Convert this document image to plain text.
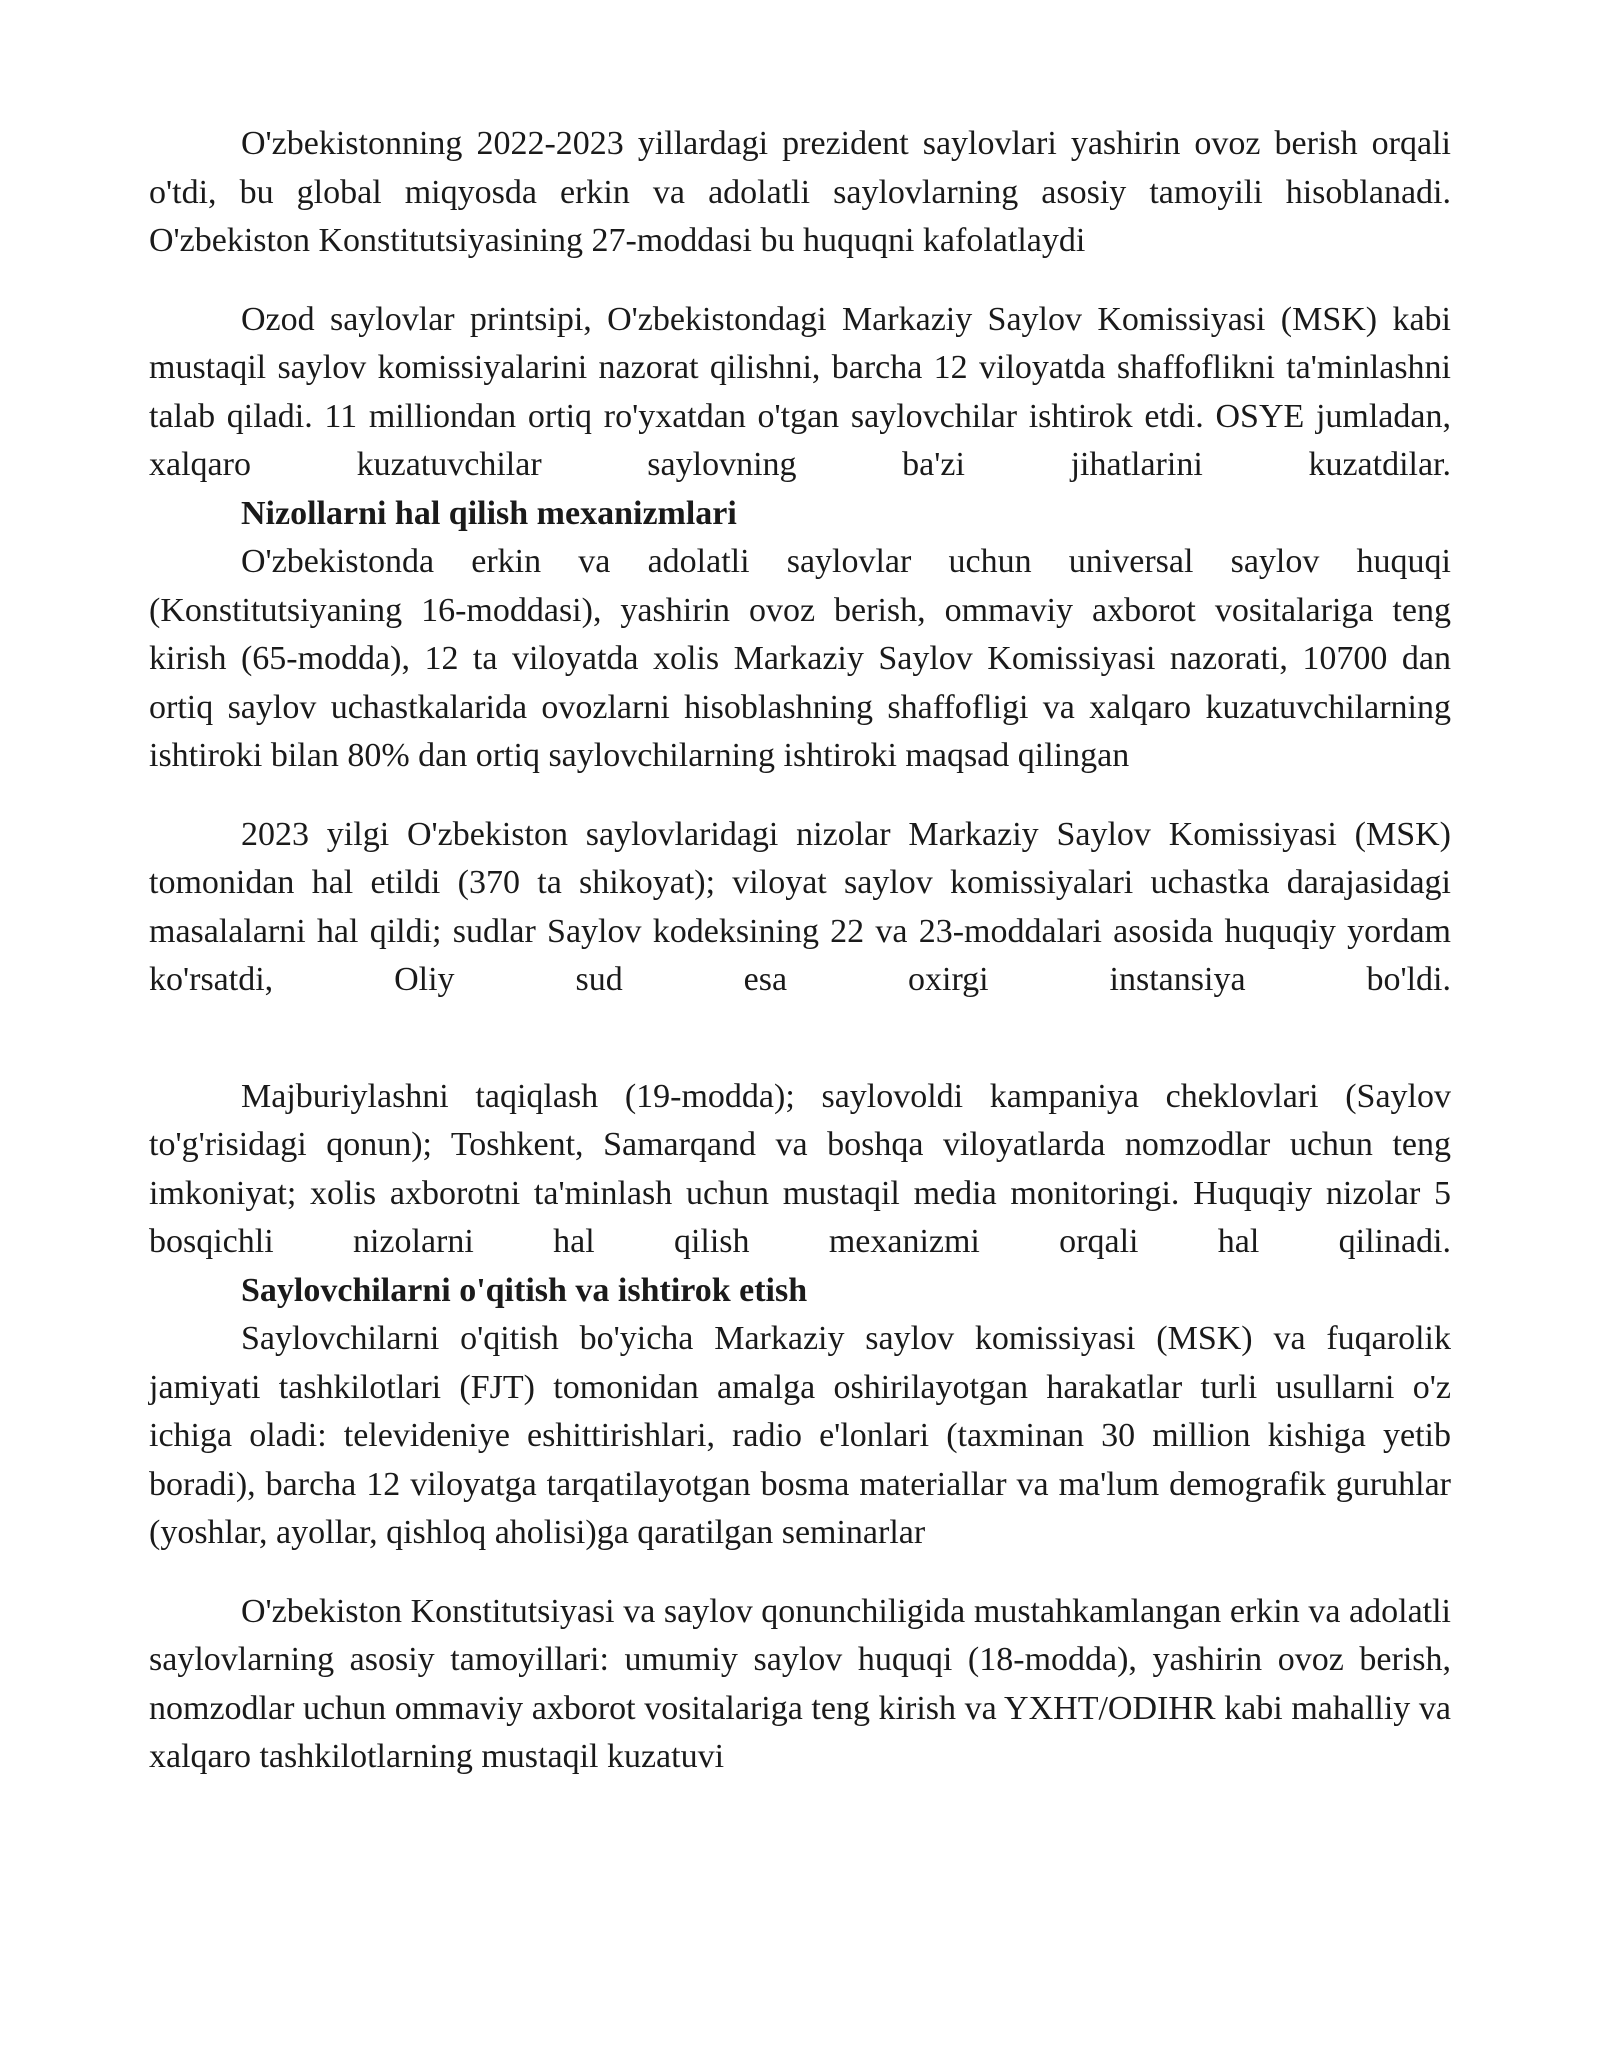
O'zbekistonning 2022-2023 yillardagi prezident saylovlari yashirin ovoz berish orqali o'tdi, bu global miqyosda erkin va adolatli saylovlarning asosiy tamoyili hisoblanadi. O'zbekiston Konstitutsiyasining 27-moddasi bu huquqni kafolatlaydi

Ozod saylovlar printsipi, O'zbekistondagi Markaziy Saylov Komissiyasi (MSK) kabi mustaqil saylov komissiyalarini nazorat qilishni, barcha 12 viloyatda shaffoflikni ta'minlashni talab qiladi. 11 milliondan ortiq ro'yxatdan o'tgan saylovchilar ishtirok etdi. OSYE jumladan, xalqaro kuzatuvchilar saylovning ba'zi jihatlarini kuzatdilar.

Nizollarni hal qilish mexanizmlari

O'zbekistonda erkin va adolatli saylovlar uchun universal saylov huquqi (Konstitutsiyaning 16-moddasi), yashirin ovoz berish, ommaviy axborot vositalariga teng kirish (65-modda), 12 ta viloyatda xolis Markaziy Saylov Komissiyasi nazorati, 10700 dan ortiq saylov uchastkalarida ovozlarni hisoblashning shaffofligi va xalqaro kuzatuvchilarning ishtiroki bilan 80% dan ortiq saylovchilarning ishtiroki maqsad qilingan

2023 yilgi O'zbekiston saylovlaridagi nizolar Markaziy Saylov Komissiyasi (MSK) tomonidan hal etildi (370 ta shikoyat); viloyat saylov komissiyalari uchastka darajasidagi masalalarni hal qildi; sudlar Saylov kodeksining 22 va 23-moddalari asosida huquqiy yordam ko'rsatdi, Oliy sud esa oxirgi instansiya bo'ldi.

Majburiylashni taqiqlash (19-modda); saylovoldi kampaniya cheklovlari (Saylov to'g'risidagi qonun); Toshkent, Samarqand va boshqa viloyatlarda nomzodlar uchun teng imkoniyat; xolis axborotni ta'minlash uchun mustaqil media monitoringi. Huquqiy nizolar 5 bosqichli nizolarni hal qilish mexanizmi orqali hal qilinadi.

Saylovchilarni o'qitish va ishtirok etish

Saylovchilarni o'qitish bo'yicha Markaziy saylov komissiyasi (MSK) va fuqarolik jamiyati tashkilotlari (FJT) tomonidan amalga oshirilayotgan harakatlar turli usullarni o'z ichiga oladi: televideniye eshittirishlari, radio e'lonlari (taxminan 30 million kishiga yetib boradi), barcha 12 viloyatga tarqatilayotgan bosma materiallar va ma'lum demografik guruhlar (yoshlar, ayollar, qishloq aholisi)ga qaratilgan seminarlar

O'zbekiston Konstitutsiyasi va saylov qonunchiligida mustahkamlangan erkin va adolatli saylovlarning asosiy tamoyillari: umumiy saylov huquqi (18-modda), yashirin ovoz berish, nomzodlar uchun ommaviy axborot vositalariga teng kirish va YXHT/ODIHR kabi mahalliy va xalqaro tashkilotlarning mustaqil kuzatuvi
